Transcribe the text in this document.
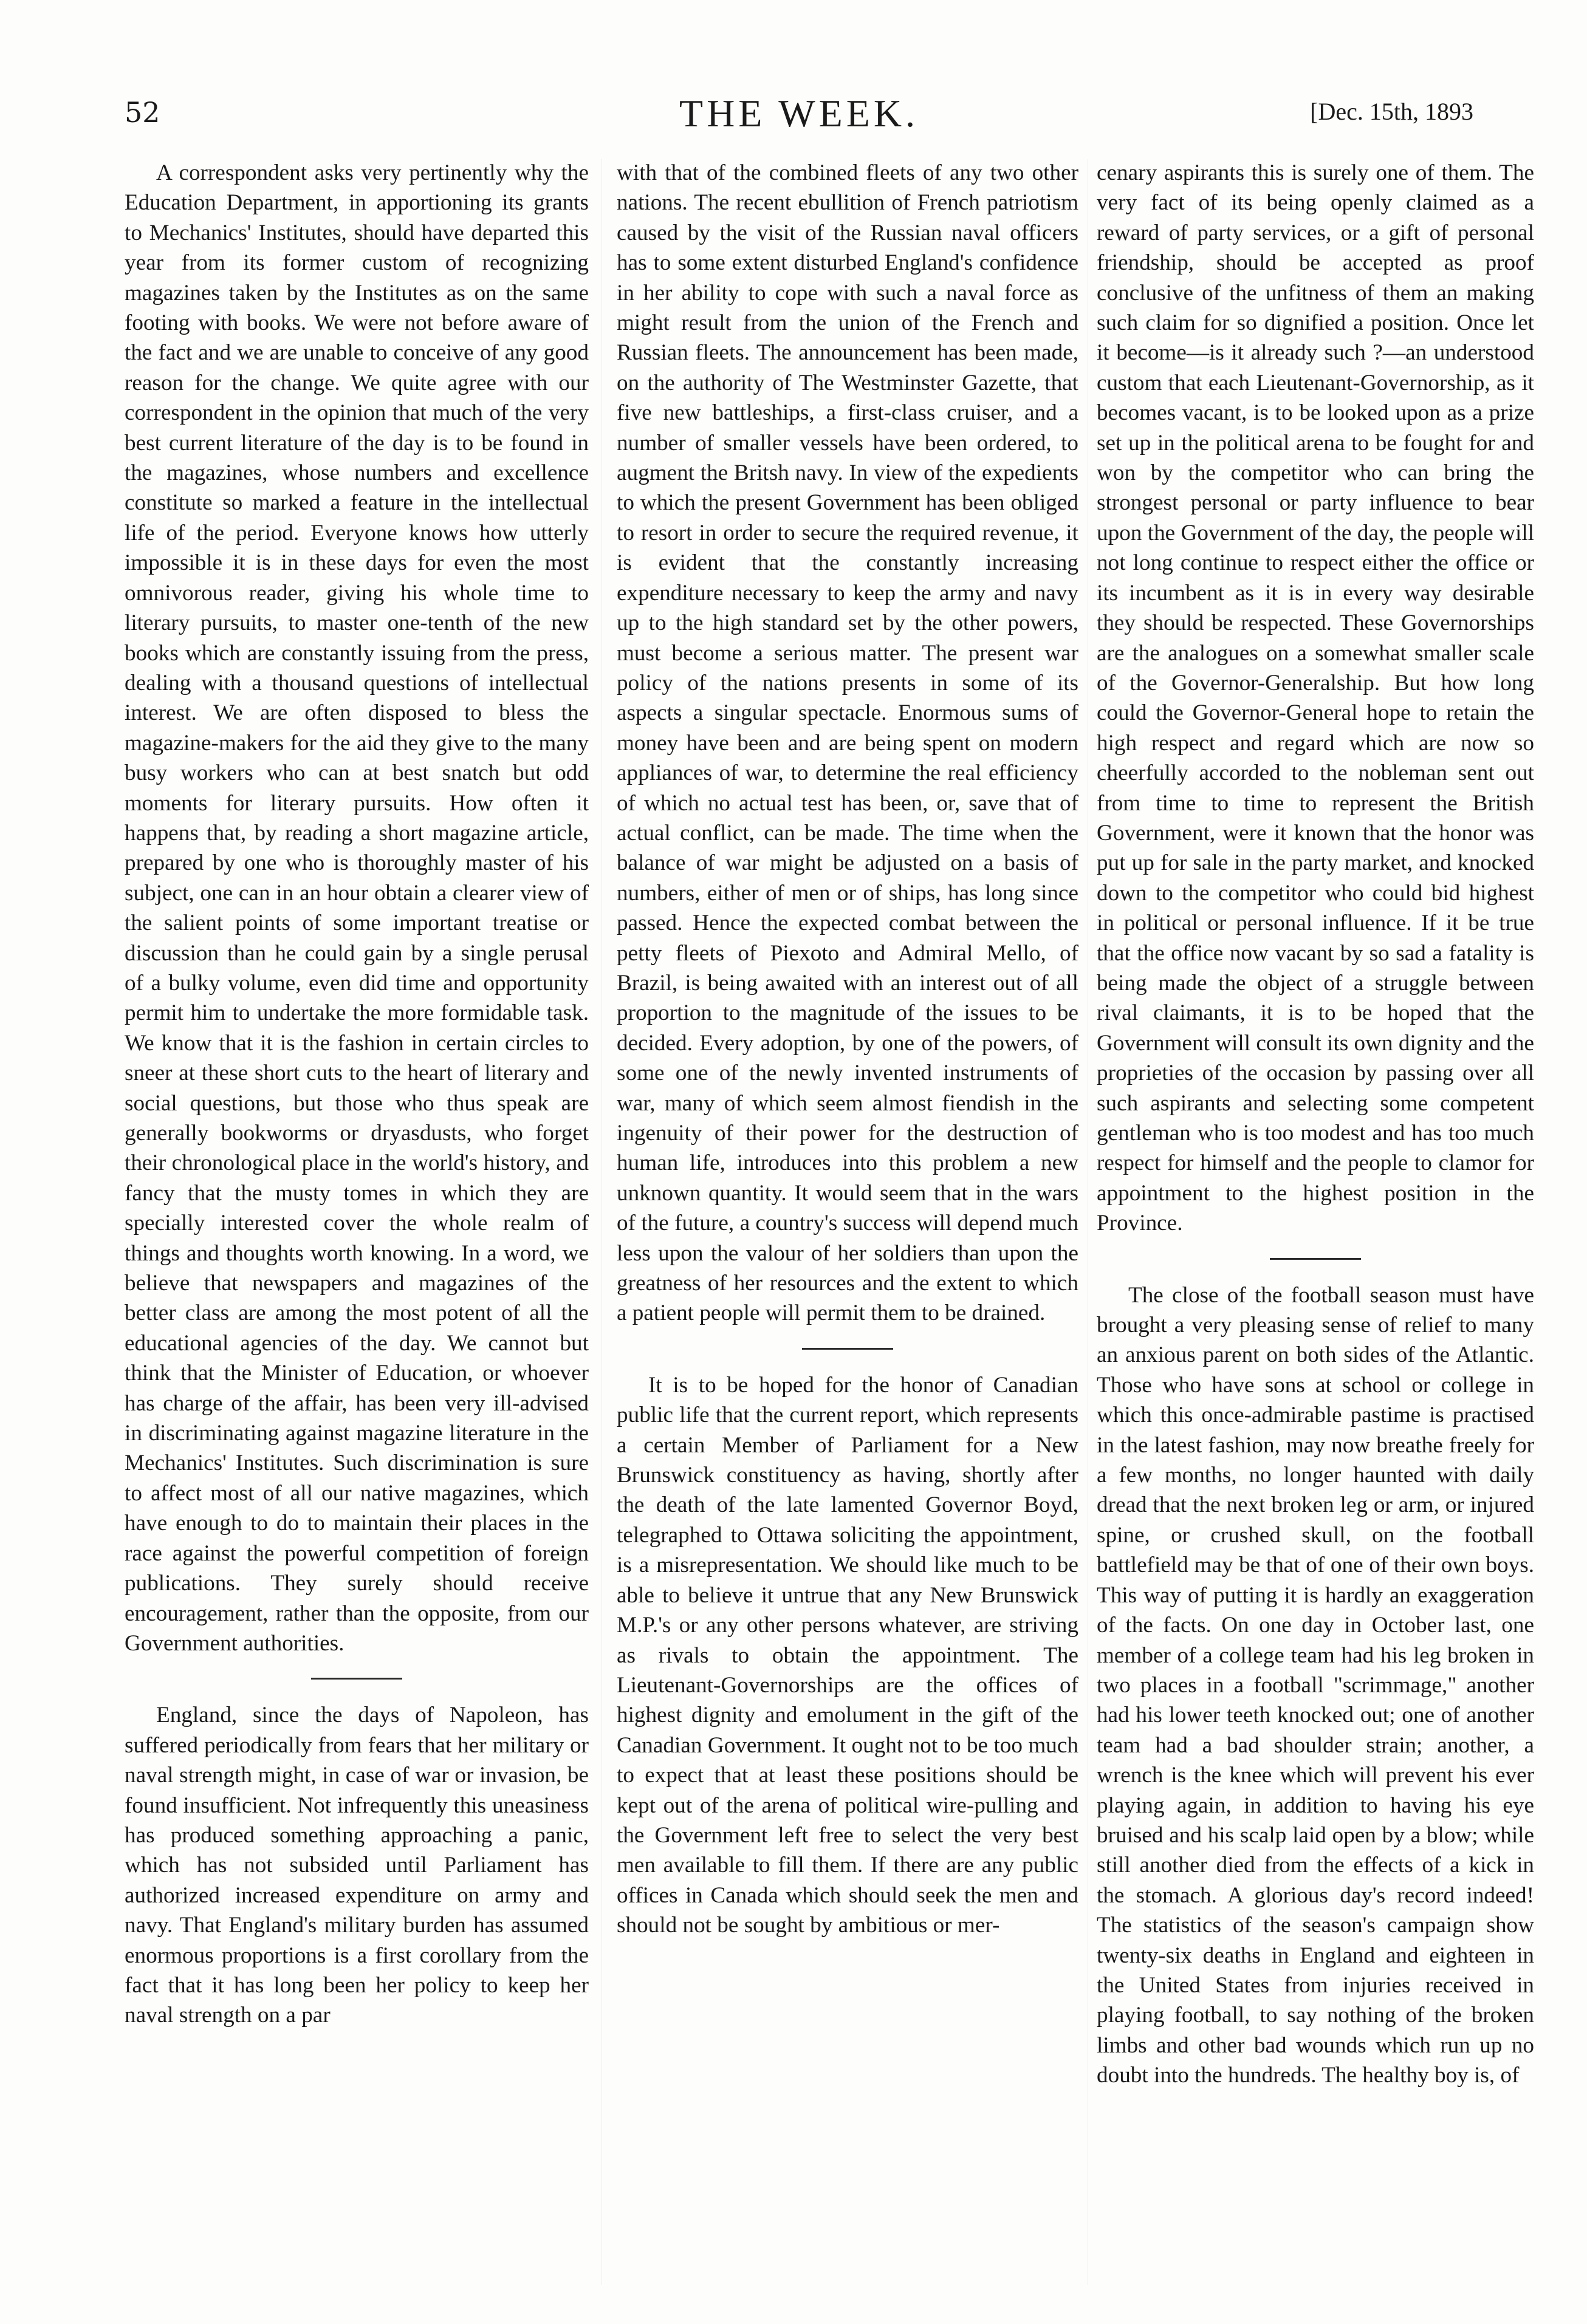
52	THE WEEK.	[Dec. 15th, 1893

A correspondent asks very pertinently why the Education Department, in apportioning its grants to Mechanics' Institutes, should have departed this year from its former custom of recognizing magazines taken by the Institutes as on the same footing with books. We were not before aware of the fact and we are unable to conceive of any good reason for the change. We quite agree with our correspondent in the opinion that much of the very best current literature of the day is to be found in the magazines, whose numbers and excellence constitute so marked a feature in the intellectual life of the period. Everyone knows how utterly impossible it is in these days for even the most omnivorous reader, giving his whole time to literary pursuits, to master one-tenth of the new books which are constantly issuing from the press, dealing with a thousand questions of intellectual interest. We are often disposed to bless the magazine-makers for the aid they give to the many busy workers who can at best snatch but odd moments for literary pursuits. How often it happens that, by reading a short magazine article, prepared by one who is thoroughly master of his subject, one can in an hour obtain a clearer view of the salient points of some important treatise or discussion than he could gain by a single perusal of a bulky volume, even did time and opportunity permit him to undertake the more formidable task. We know that it is the fashion in certain circles to sneer at these short cuts to the heart of literary and social questions, but those who thus speak are generally bookworms or dryasdusts, who forget their chronological place in the world's history, and fancy that the musty tomes in which they are specially interested cover the whole realm of things and thoughts worth knowing. In a word, we believe that newspapers and magazines of the better class are among the most potent of all the educational agencies of the day. We cannot but think that the Minister of Education, or whoever has charge of the affair, has been very ill-advised in discriminating against magazine literature in the Mechanics' Institutes. Such discrimination is sure to affect most of all our native magazines, which have enough to do to maintain their places in the race against the powerful competition of foreign publications. They surely should receive encouragement, rather than the opposite, from our Government authorities.

England, since the days of Napoleon, has suffered periodically from fears that her military or naval strength might, in case of war or invasion, be found insufficient. Not infrequently this uneasiness has produced something approaching a panic, which has not subsided until Parliament has authorized increased expenditure on army and navy. That England's military burden has assumed enormous proportions is a first corollary from the fact that it has long been her policy to keep her naval strength on a par

with that of the combined fleets of any two other nations. The recent ebullition of French patriotism caused by the visit of the Russian naval officers has to some extent disturbed England's confidence in her ability to cope with such a naval force as might result from the union of the French and Russian fleets. The announcement has been made, on the authority of The Westminster Gazette, that five new battleships, a first-class cruiser, and a number of smaller vessels have been ordered, to augment the Britsh navy. In view of the expedients to which the present Government has been obliged to resort in order to secure the required revenue, it is evident that the constantly increasing expenditure necessary to keep the army and navy up to the high standard set by the other powers, must become a serious matter. The present war policy of the nations presents in some of its aspects a singular spectacle. Enormous sums of money have been and are being spent on modern appliances of war, to determine the real efficiency of which no actual test has been, or, save that of actual conflict, can be made. The time when the balance of war might be adjusted on a basis of numbers, either of men or of ships, has long since passed. Hence the expected combat between the petty fleets of Piexoto and Admiral Mello, of Brazil, is being awaited with an interest out of all proportion to the magnitude of the issues to be decided. Every adoption, by one of the powers, of some one of the newly invented instruments of war, many of which seem almost fiendish in the ingenuity of their power for the destruction of human life, introduces into this problem a new unknown quantity. It would seem that in the wars of the future, a country's success will depend much less upon the valour of her soldiers than upon the greatness of her resources and the extent to which a patient people will permit them to be drained.

It is to be hoped for the honor of Canadian public life that the current report, which represents a certain Member of Parliament for a New Brunswick constituency as having, shortly after the death of the late lamented Governor Boyd, telegraphed to Ottawa soliciting the appointment, is a misrepresentation. We should like much to be able to believe it untrue that any New Brunswick M.P.'s or any other persons whatever, are striving as rivals to obtain the appointment. The Lieutenant-Governorships are the offices of highest dignity and emolument in the gift of the Canadian Government. It ought not to be too much to expect that at least these positions should be kept out of the arena of political wire-pulling and the Government left free to select the very best men available to fill them. If there are any public offices in Canada which should seek the men and should not be sought by ambitious or mer-

cenary aspirants this is surely one of them. The very fact of its being openly claimed as a reward of party services, or a gift of personal friendship, should be accepted as proof conclusive of the unfitness of them an making such claim for so dignified a position. Once let it become—is it already such ?—an understood custom that each Lieutenant-Governorship, as it becomes vacant, is to be looked upon as a prize set up in the political arena to be fought for and won by the competitor who can bring the strongest personal or party influence to bear upon the Government of the day, the people will not long continue to respect either the office or its incumbent as it is in every way desirable they should be respected. These Governorships are the analogues on a somewhat smaller scale of the Governor-Generalship. But how long could the Governor-General hope to retain the high respect and regard which are now so cheerfully accorded to the nobleman sent out from time to time to represent the British Government, were it known that the honor was put up for sale in the party market, and knocked down to the competitor who could bid highest in political or personal influence. If it be true that the office now vacant by so sad a fatality is being made the object of a struggle between rival claimants, it is to be hoped that the Government will consult its own dignity and the proprieties of the occasion by passing over all such aspirants and selecting some competent gentleman who is too modest and has too much respect for himself and the people to clamor for appointment to the highest position in the Province.

The close of the football season must have brought a very pleasing sense of relief to many an anxious parent on both sides of the Atlantic. Those who have sons at school or college in which this once-admirable pastime is practised in the latest fashion, may now breathe freely for a few months, no longer haunted with daily dread that the next broken leg or arm, or injured spine, or crushed skull, on the football battlefield may be that of one of their own boys. This way of putting it is hardly an exaggeration of the facts. On one day in October last, one member of a college team had his leg broken in two places in a football "scrimmage," another had his lower teeth knocked out; one of another team had a bad shoulder strain; another, a wrench is the knee which will prevent his ever playing again, in addition to having his eye bruised and his scalp laid open by a blow; while still another died from the effects of a kick in the stomach. A glorious day's record indeed! The statistics of the season's campaign show twenty-six deaths in England and eighteen in the United States from injuries received in playing football, to say nothing of the broken limbs and other bad wounds which run up no doubt into the hundreds. The healthy boy is, of
